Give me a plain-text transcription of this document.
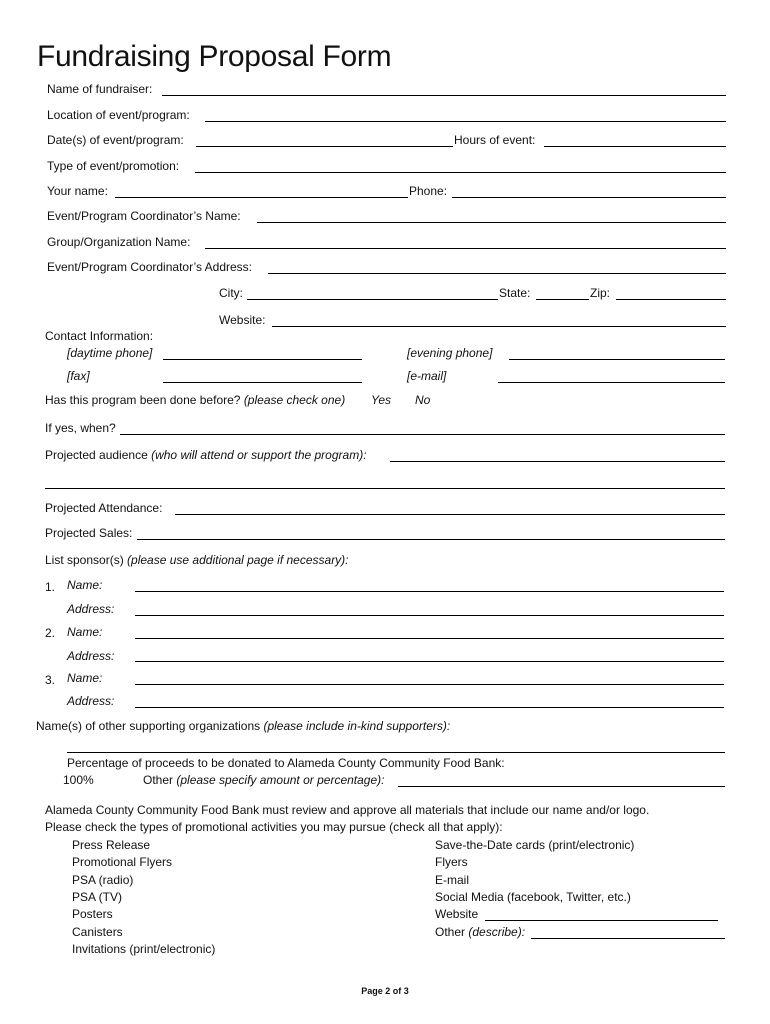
Fundraising Proposal Form
Name of fundraiser:
Location of event/program:
Date(s) of event/program:	Hours of event:
Type of event/promotion:
Your name:	Phone:
Event/Program Coordinator’s Name:
Group/Organization Name:
Event/Program Coordinator’s Address:
City:	State:	Zip:
Website:
Contact Information:
[daytime phone]	[evening phone]
[fax]	[e-mail]
Has this program been done before? (please check one) Yes No
If yes, when?
Projected audience (who will attend or support the program):
Projected Attendance:
Projected Sales:
List sponsor(s) (please use additional page if necessary):
1. Name:
Address:
2. Name:
Address:
3. Name:
Address:
Name(s) of other supporting organizations (please include in-kind supporters):
Percentage of proceeds to be donated to Alameda County Community Food Bank:
100%	Other (please specify amount or percentage):
Alameda County Community Food Bank must review and approve all materials that include our name and/or logo.
Please check the types of promotional activities you may pursue (check all that apply):
Press Release
Promotional Flyers
PSA (radio)
PSA (TV)
Posters
Canisters
Invitations (print/electronic)
Save-the-Date cards (print/electronic)
Flyers
E-mail
Social Media (facebook, Twitter, etc.)
Website
Other (describe):
Page 2 of 3
